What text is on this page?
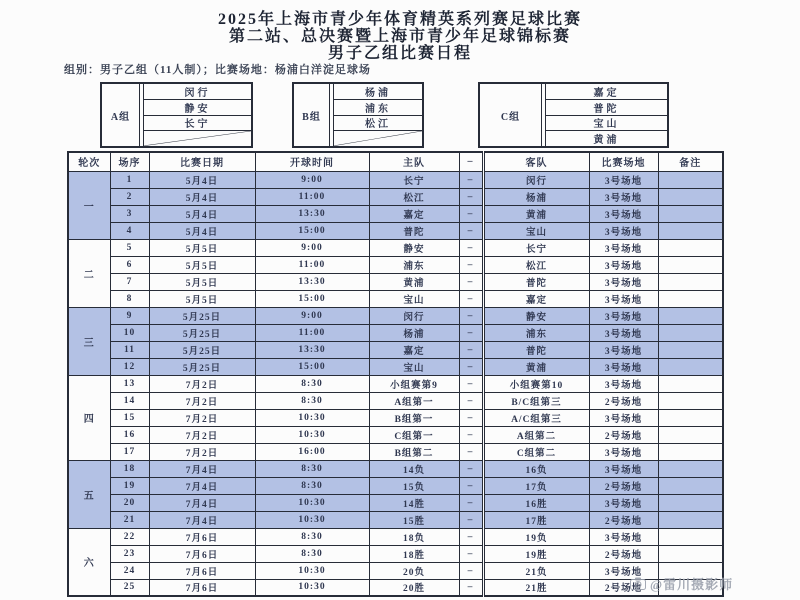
2025年上海市青少年体育精英系列赛足球比赛
第二站、总决赛暨上海市青少年足球锦标赛
男子乙组比赛日程
组别：男子乙组（11人制）；比赛场地：杨浦白洋淀足球场
A组
闵行
静安
长宁
B组
杨浦
浦东
松江
C组
嘉定
普陀
宝山
黄浦
轮次	场序	比赛日期	开球时间	主队	–	客队	比赛场地	备注
一	1	5月4日	9:00	长宁	–	闵行	3号场地	
	2	5月4日	11:00	松江	–	杨浦	3号场地	
	3	5月4日	13:30	嘉定	–	黄浦	3号场地	
	4	5月4日	15:00	普陀	–	宝山	3号场地	
二	5	5月5日	9:00	静安	–	长宁	3号场地	
	6	5月5日	11:00	浦东	–	松江	3号场地	
	7	5月5日	13:30	黄浦	–	普陀	3号场地	
	8	5月5日	15:00	宝山	–	嘉定	3号场地	
三	9	5月25日	9:00	闵行	–	静安	3号场地	
	10	5月25日	11:00	杨浦	–	浦东	3号场地	
	11	5月25日	13:30	嘉定	–	普陀	3号场地	
	12	5月25日	15:00	宝山	–	黄浦	3号场地	
四	13	7月2日	8:30	小组赛第9	–	小组赛第10	3号场地	
	14	7月2日	8:30	A组第一	–	B/C组第三	2号场地	
	15	7月2日	10:30	B组第一	–	A/C组第三	3号场地	
	16	7月2日	10:30	C组第一	–	A组第二	2号场地	
	17	7月2日	16:00	B组第二	–	C组第二	3号场地	
五	18	7月4日	8:30	14负	–	16负	3号场地	
	19	7月4日	8:30	15负	–	17负	2号场地	
	20	7月4日	10:30	14胜	–	16胜	3号场地	
	21	7月4日	10:30	15胜	–	17胜	2号场地	
六	22	7月6日	8:30	18负	–	19负	3号场地	
	23	7月6日	8:30	18胜	–	19胜	2号场地	
	24	7月6日	10:30	20负	–	21负	3号场地	
	25	7月6日	10:30	20胜	–	21胜	2号场地	@雷川摄影师
